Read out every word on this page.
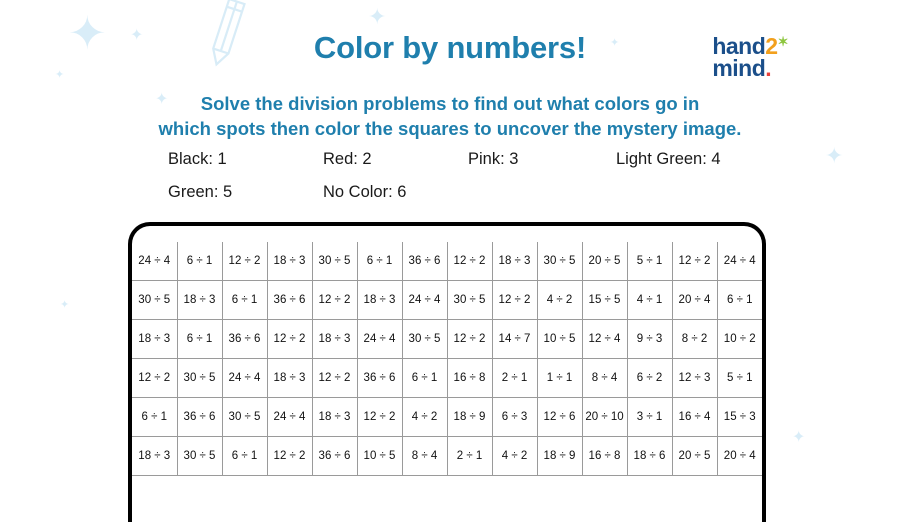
✦ ✦
✦
✦
✦
✦
✦
✦
✦
Color by numbers!	hand2✶
mind.
Solve the division problems to find out what colors go in
which spots then color the squares to uncover the mystery image.
Black: 1	Red: 2	Pink: 3	Light Green: 4
Green: 5	No Color: 6
24 ÷ 4	6 ÷ 1	12 ÷ 2	18 ÷ 3	30 ÷ 5	6 ÷ 1	36 ÷ 6	12 ÷ 2	18 ÷ 3	30 ÷ 5	20 ÷ 5	5 ÷ 1	12 ÷ 2	24 ÷ 4
30 ÷ 5	18 ÷ 3	6 ÷ 1	36 ÷ 6	12 ÷ 2	18 ÷ 3	24 ÷ 4	30 ÷ 5	12 ÷ 2	4 ÷ 2	15 ÷ 5	4 ÷ 1	20 ÷ 4	6 ÷ 1
18 ÷ 3	6 ÷ 1	36 ÷ 6	12 ÷ 2	18 ÷ 3	24 ÷ 4	30 ÷ 5	12 ÷ 2	14 ÷ 7	10 ÷ 5	12 ÷ 4	9 ÷ 3	8 ÷ 2	10 ÷ 2
12 ÷ 2	30 ÷ 5	24 ÷ 4	18 ÷ 3	12 ÷ 2	36 ÷ 6	6 ÷ 1	16 ÷ 8	2 ÷ 1	1 ÷ 1	8 ÷ 4	6 ÷ 2	12 ÷ 3	5 ÷ 1
6 ÷ 1	36 ÷ 6	30 ÷ 5	24 ÷ 4	18 ÷ 3	12 ÷ 2	4 ÷ 2	18 ÷ 9	6 ÷ 3	12 ÷ 6	20 ÷ 10	3 ÷ 1	16 ÷ 4	15 ÷ 3
18 ÷ 3	30 ÷ 5	6 ÷ 1	12 ÷ 2	36 ÷ 6	10 ÷ 5	8 ÷ 4	2 ÷ 1	4 ÷ 2	18 ÷ 9	16 ÷ 8	18 ÷ 6	20 ÷ 5	20 ÷ 4
